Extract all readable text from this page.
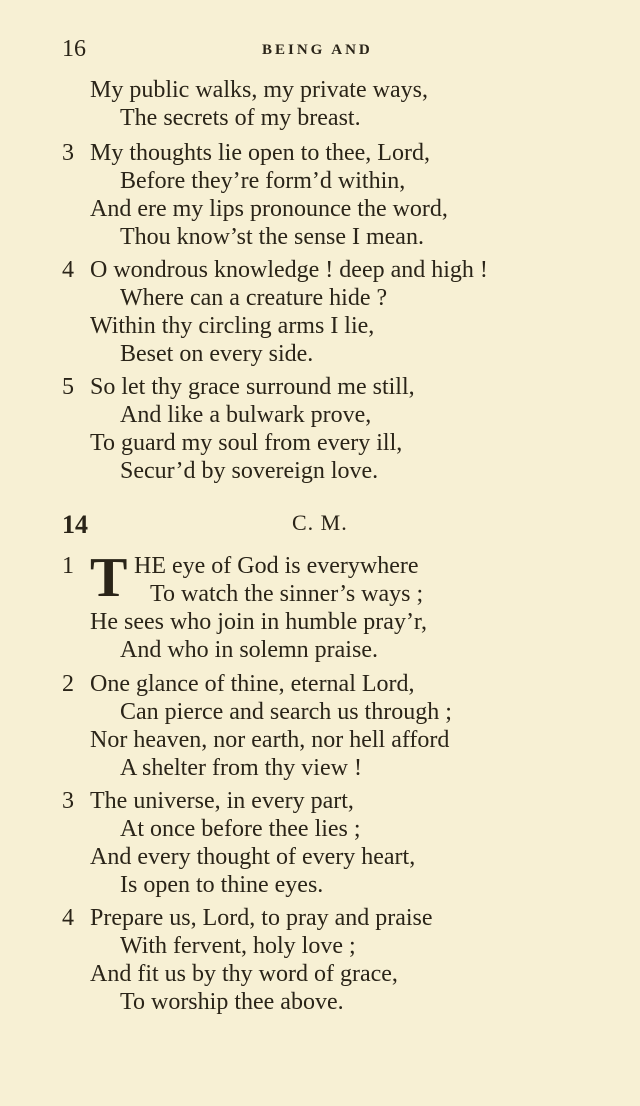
16	BEING AND
My public walks, my private ways,
The secrets of my breast.
3 My thoughts lie open to thee, Lord,
Before they’re form’d within,
And ere my lips pronounce the word,
Thou know’st the sense I mean.
4 O wondrous knowledge ! deep and high !
Where can a creature hide ?
Within thy circling arms I lie,
Beset on every side.
5 So let thy grace surround me still,
And like a bulwark prove,
To guard my soul from every ill,
Secur’d by sovereign love.
14	C. M.
1 T HE eye of God is everywhere
To watch the sinner’s ways ;
He sees who join in humble pray’r,
And who in solemn praise.
2 One glance of thine, eternal Lord,
Can pierce and search us through ;
Nor heaven, nor earth, nor hell afford
A shelter from thy view !
3 The universe, in every part,
At once before thee lies ;
And every thought of every heart,
Is open to thine eyes.
4 Prepare us, Lord, to pray and praise
With fervent, holy love ;
And fit us by thy word of grace,
To worship thee above.
